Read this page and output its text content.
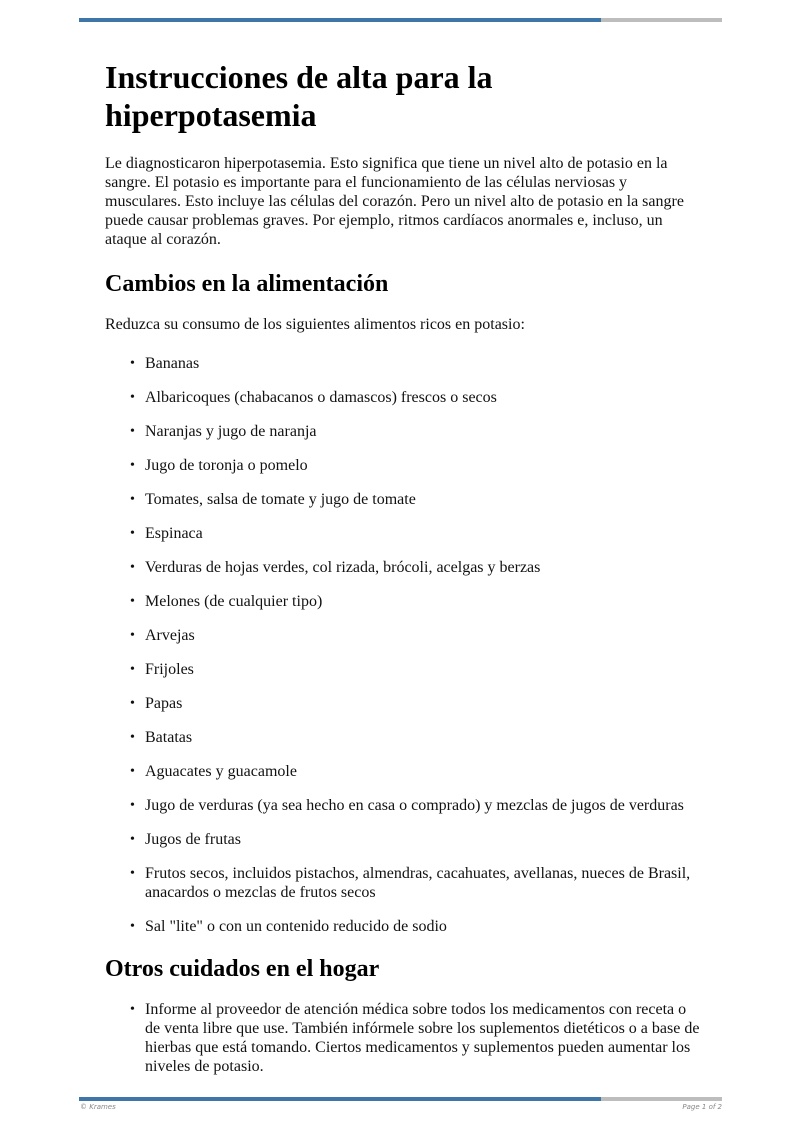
Instrucciones de alta para la hiperpotasemia

Le diagnosticaron hiperpotasemia. Esto significa que tiene un nivel alto de potasio en la sangre. El potasio es importante para el funcionamiento de las células nerviosas y musculares. Esto incluye las células del corazón. Pero un nivel alto de potasio en la sangre puede causar problemas graves. Por ejemplo, ritmos cardíacos anormales e, incluso, un ataque al corazón.

Cambios en la alimentación

Reduzca su consumo de los siguientes alimentos ricos en potasio:

• Bananas
• Albaricoques (chabacanos o damascos) frescos o secos
• Naranjas y jugo de naranja
• Jugo de toronja o pomelo
• Tomates, salsa de tomate y jugo de tomate
• Espinaca
• Verduras de hojas verdes, col rizada, brócoli, acelgas y berzas
• Melones (de cualquier tipo)
• Arvejas
• Frijoles
• Papas
• Batatas
• Aguacates y guacamole
• Jugo de verduras (ya sea hecho en casa o comprado) y mezclas de jugos de verduras
• Jugos de frutas
• Frutos secos, incluidos pistachos, almendras, cacahuates, avellanas, nueces de Brasil, anacardos o mezclas de frutos secos
• Sal "lite" o con un contenido reducido de sodio
Otros cuidados en el hogar
• Informe al proveedor de atención médica sobre todos los medicamentos con receta o de venta libre que use. También infórmele sobre los suplementos dietéticos o a base de hierbas que está tomando. Ciertos medicamentos y suplementos pueden aumentar los niveles de potasio.
© Krames	Page 1 of 2
